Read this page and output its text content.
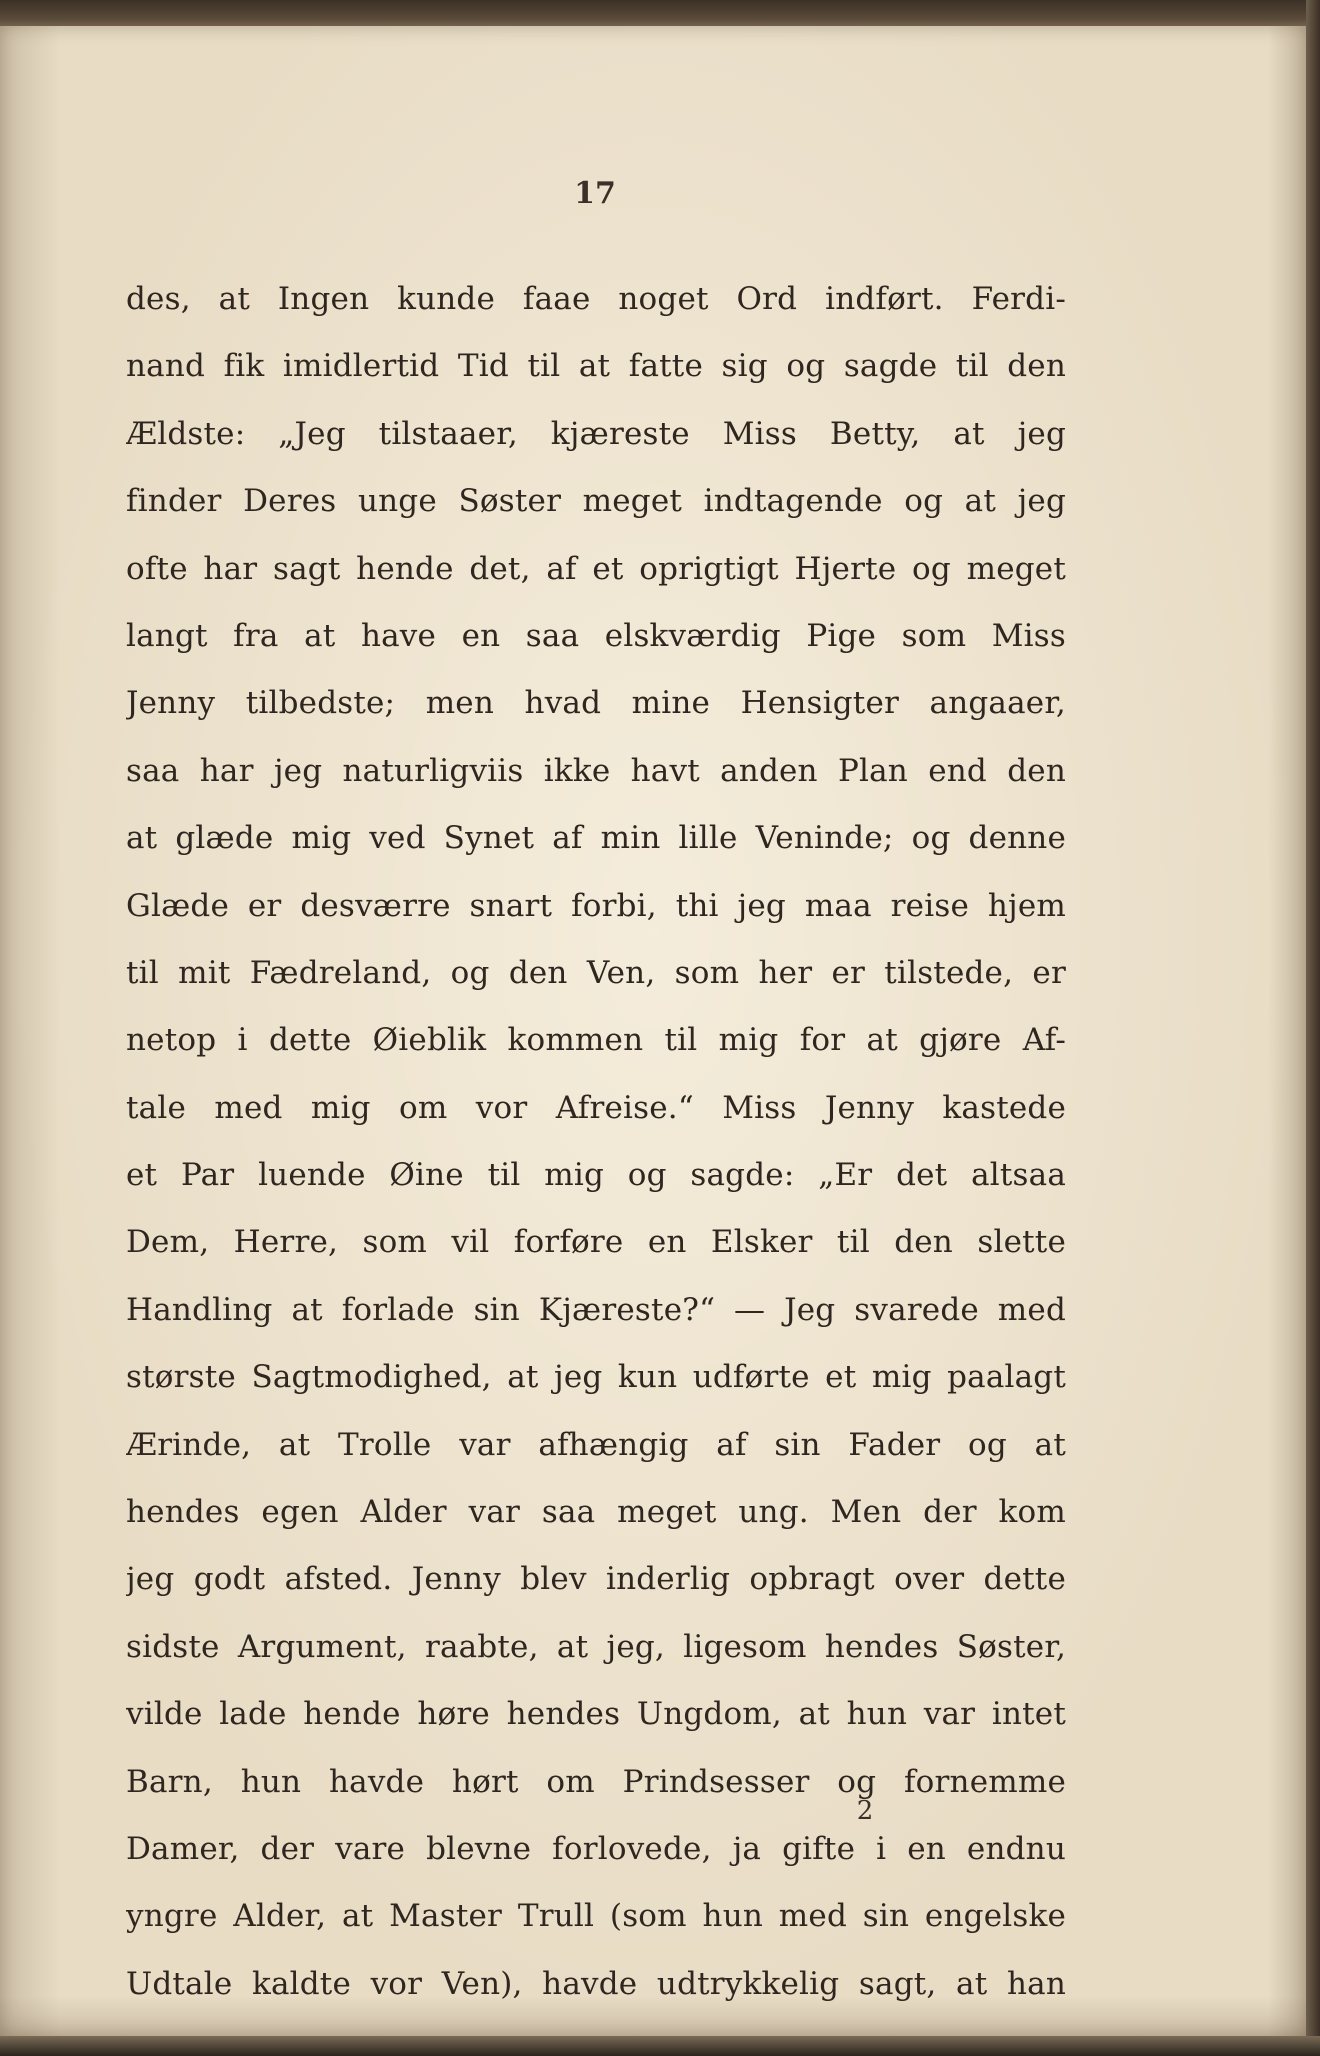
17
des, at Ingen kunde faae noget Ord indført. Ferdi-
nand fik imidlertid Tid til at fatte sig og sagde til den
Ældste: „Jeg tilstaaer, kjæreste Miss Betty, at jeg
finder Deres unge Søster meget indtagende og at jeg
ofte har sagt hende det, af et oprigtigt Hjerte og meget
langt fra at have en saa elskværdig Pige som Miss
Jenny tilbedste; men hvad mine Hensigter angaaer,
saa har jeg naturligviis ikke havt anden Plan end den
at glæde mig ved Synet af min lille Veninde; og denne
Glæde er desværre snart forbi, thi jeg maa reise hjem
til mit Fædreland, og den Ven, som her er tilstede, er
netop i dette Øieblik kommen til mig for at gjøre Af-
tale med mig om vor Afreise.“ Miss Jenny kastede
et Par luende Øine til mig og sagde: „Er det altsaa
Dem, Herre, som vil forføre en Elsker til den slette
Handling at forlade sin Kjæreste?“ — Jeg svarede med
største Sagtmodighed, at jeg kun udførte et mig paalagt
Ærinde, at Trolle var afhængig af sin Fader og at
hendes egen Alder var saa meget ung. Men der kom
jeg godt afsted. Jenny blev inderlig opbragt over dette
sidste Argument, raabte, at jeg, ligesom hendes Søster,
vilde lade hende høre hendes Ungdom, at hun var intet
Barn, hun havde hørt om Prindsesser og fornemme
Damer, der vare blevne forlovede, ja gifte i en endnu
yngre Alder, at Master Trull (som hun med sin engelske
Udtale kaldte vor Ven), havde udtrykkelig sagt, at han
2
